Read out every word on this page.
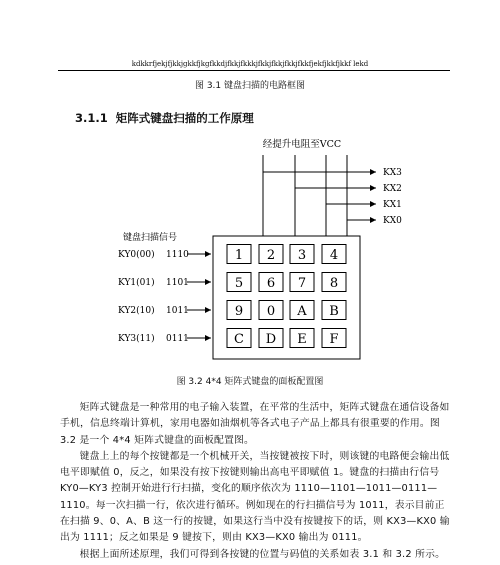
kdkkrfjekjfjkkjgkkfjkgfkkdjfkkjfkkkjfkkjfkkjfkkjfkkfjekfjkkfjkkf lekd
图 3.1 键盘扫描的电路框图
3.1.1 矩阵式键盘扫描的工作原理
经提升电阻至VCC
KX3
KX2
KX1
KX0
键盘扫描信号
KY0(00) 1110	1 2 3 4
KY1(01) 1101	5 6 7 8
KY2(10) 1011	9 0 A B
KY3(11) 0111	C D E F
图 3.2 4*4 矩阵式键盘的面板配置图

矩阵式键盘是一种常用的电子输入装置，在平常的生活中，矩阵式键盘在通信设备如手机，信息终端计算机，家用电器如油烟机等各式电子产品上都具有很重要的作用。图 3.2 是一个 4*4 矩阵式键盘的面板配置图。

键盘上上的每个按键都是一个机械开关，当按键被按下时，则该键的电路便会输出低电平即赋值 0，反之，如果没有按下按键则输出高电平即赋值 1。键盘的扫描由行信号 KY0—KY3 控制开始进行行扫描，变化的顺序依次为 1110—1101—1011—0111—1110。每一次扫描一行，依次进行循环。例如现在的行扫描信号为 1011，表示目前正在扫描 9、0、A、B 这一行的按键，如果这行当中没有按键按下的话，则 KX3—KX0 输出为 1111；反之如果是 9 键按下，则由 KX3—KX0 输出为 0111。

根据上面所述原理，我们可得到各按键的位置与码值的关系如表 3.1 和 3.2 所示。
